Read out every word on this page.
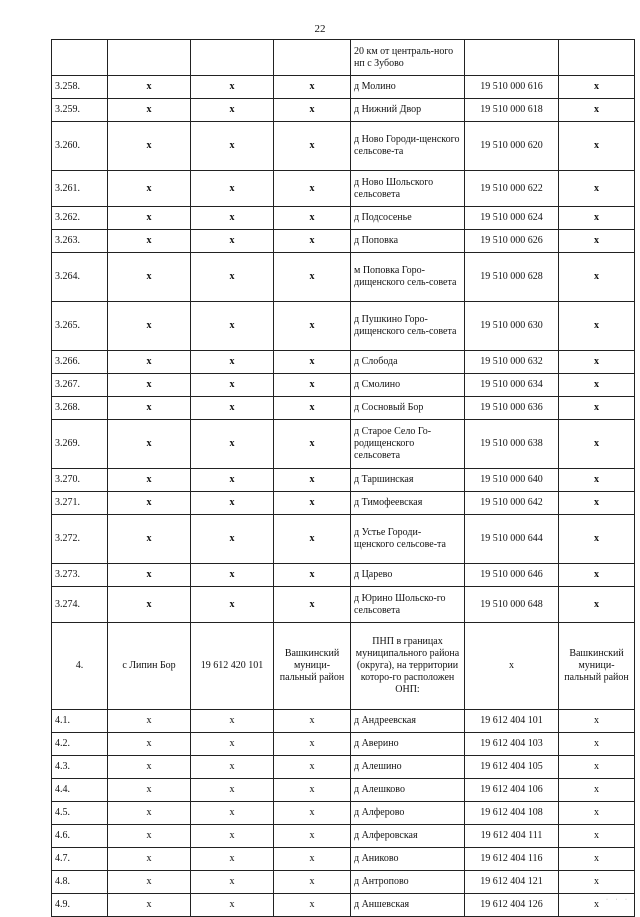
22
				20 км от централь-ного нп с Зубово		
3.258.	x	x	x	д Молино	19 510 000 616	x
3.259.	x	x	x	д Нижний Двор	19 510 000 618	x
3.260.	x	x	x	д Ново Городи-щенского сельсове-та	19 510 000 620	x
3.261.	x	x	x	д Ново Шольского сельсовета	19 510 000 622	x
3.262.	x	x	x	д Подсосенье	19 510 000 624	x
3.263.	x	x	x	д Поповка	19 510 000 626	x
3.264.	x	x	x	м Поповка Горо-дищенского сель-совета	19 510 000 628	x
3.265.	x	x	x	д Пушкино Горо-дищенского сель-совета	19 510 000 630	x
3.266.	x	x	x	д Слобода	19 510 000 632	x
3.267.	x	x	x	д Смолино	19 510 000 634	x
3.268.	x	x	x	д Сосновый Бор	19 510 000 636	x
3.269.	x	x	x	д Старое Село Го-родищенского сельсовета	19 510 000 638	x
3.270.	x	x	x	д Таршинская	19 510 000 640	x
3.271.	x	x	x	д Тимофеевская	19 510 000 642	x
3.272.	x	x	x	д Устье Городи-щенского сельсове-та	19 510 000 644	x
3.273.	x	x	x	д Царево	19 510 000 646	x
3.274.	x	x	x	д Юрино Шольско-го сельсовета	19 510 000 648	x
4.	с Липин Бор	19 612 420 101	Вашкинский муници-пальный район	ПНП в границах муниципального района (округа), на территории которо-го расположен ОНП:	x	Вашкинский муници-пальный район
4.1.	x	x	x	д Андреевская	19 612 404 101	x
4.2.	x	x	x	д Аверино	19 612 404 103	x
4.3.	x	x	x	д Алешино	19 612 404 105	x
4.4.	x	x	x	д Алешково	19 612 404 106	x
4.5.	x	x	x	д Алферово	19 612 404 108	x
4.6.	x	x	x	д Алферовская	19 612 404 111	x
4.7.	x	x	x	д Аниково	19 612 404 116	x
4.8.	x	x	x	д Антропово	19 612 404 121	x
4.9.	x	x	x	д Аншевская	19 612 404 126	x · · ·
